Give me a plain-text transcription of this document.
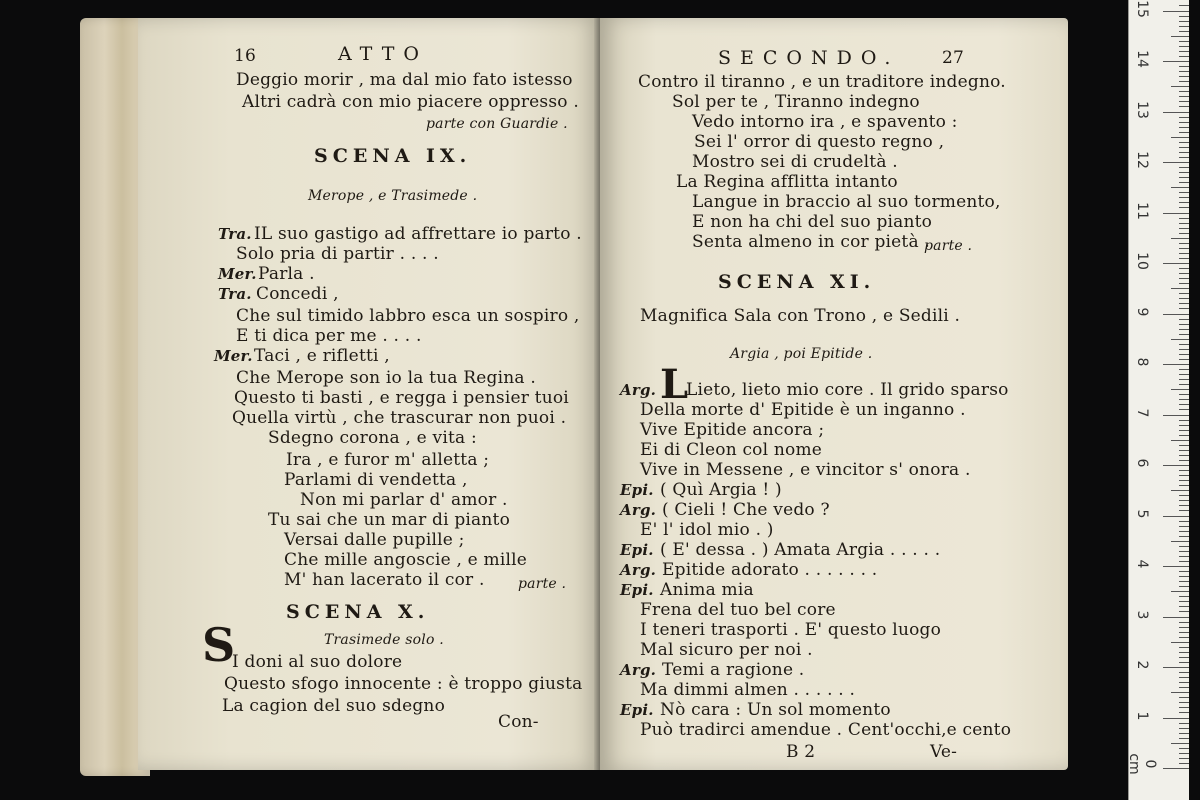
16	ATTO
Deggio morir , ma dal mio fato istesso
Altri cadrà con mio piacere oppresso .
parte con Guardie .
SCENA IX.
Merope , e Trasimede .
Tra. IL suo gastigo ad affrettare io parto .
Solo pria di partir . . . .
Mer. Parla .
Tra. Concedi ,
Che sul timido labbro esca un sospiro ,
E ti dica per me . . . .
Mer. Taci , e rifletti ,
Che Merope son io la tua Regina .
Questo ti basti , e regga i pensier tuoi
Quella virtù , che trascurar non puoi .
Sdegno corona , e vita :
Ira , e furor m' alletta ;
Parlami di vendetta ,
Non mi parlar d' amor .
Tu sai che un mar di pianto
Versai dalle pupille ;
Che mille angoscie , e mille
M' han lacerato il cor . parte .
SCENA X.
Trasimede solo .
S
I doni al suo dolore
Questo sfogo innocente : è troppo giusta
La cagion del suo sdegno
Con-
SECONDO.	27
Contro il tiranno , e un traditore indegno.
Sol per te , Tiranno indegno
Vedo intorno ira , e spavento :
Sei l' orror di questo regno ,
Mostro sei di crudeltà .
La Regina afflitta intanto
Langue in braccio al suo tormento,
E non ha chi del suo pianto
Senta almeno in cor pietà .
parte .
SCENA XI.
Magnifica Sala con Trono , e Sedili .
Argia , poi Epitide .
Arg. L
Lieto, lieto mio core . Il grido sparso
Della morte d' Epitide è un inganno .
Vive Epitide ancora ;
Ei di Cleon col nome
Vive in Messene , e vincitor s' onora .
Epi. ( Quì Argia ! )
Arg. ( Cieli ! Che vedo ?
E' l' idol mio . )
Epi. ( E' dessa . ) Amata Argia . . . . .
Arg. Epitide adorato . . . . . . .
Epi. Anima mia
Frena del tuo bel core
I teneri trasporti . E' questo luogo
Mal sicuro per noi .
Arg. Temi a ragione .
Ma dimmi almen . . . . . .
Epi. Nò cara : Un sol momento
Può tradirci amendue . Cent'occhi,e cento
B 2	Ve-
0 cm
1
2
3
4
5
6
7
8
9
10
11
12
13
14
15
